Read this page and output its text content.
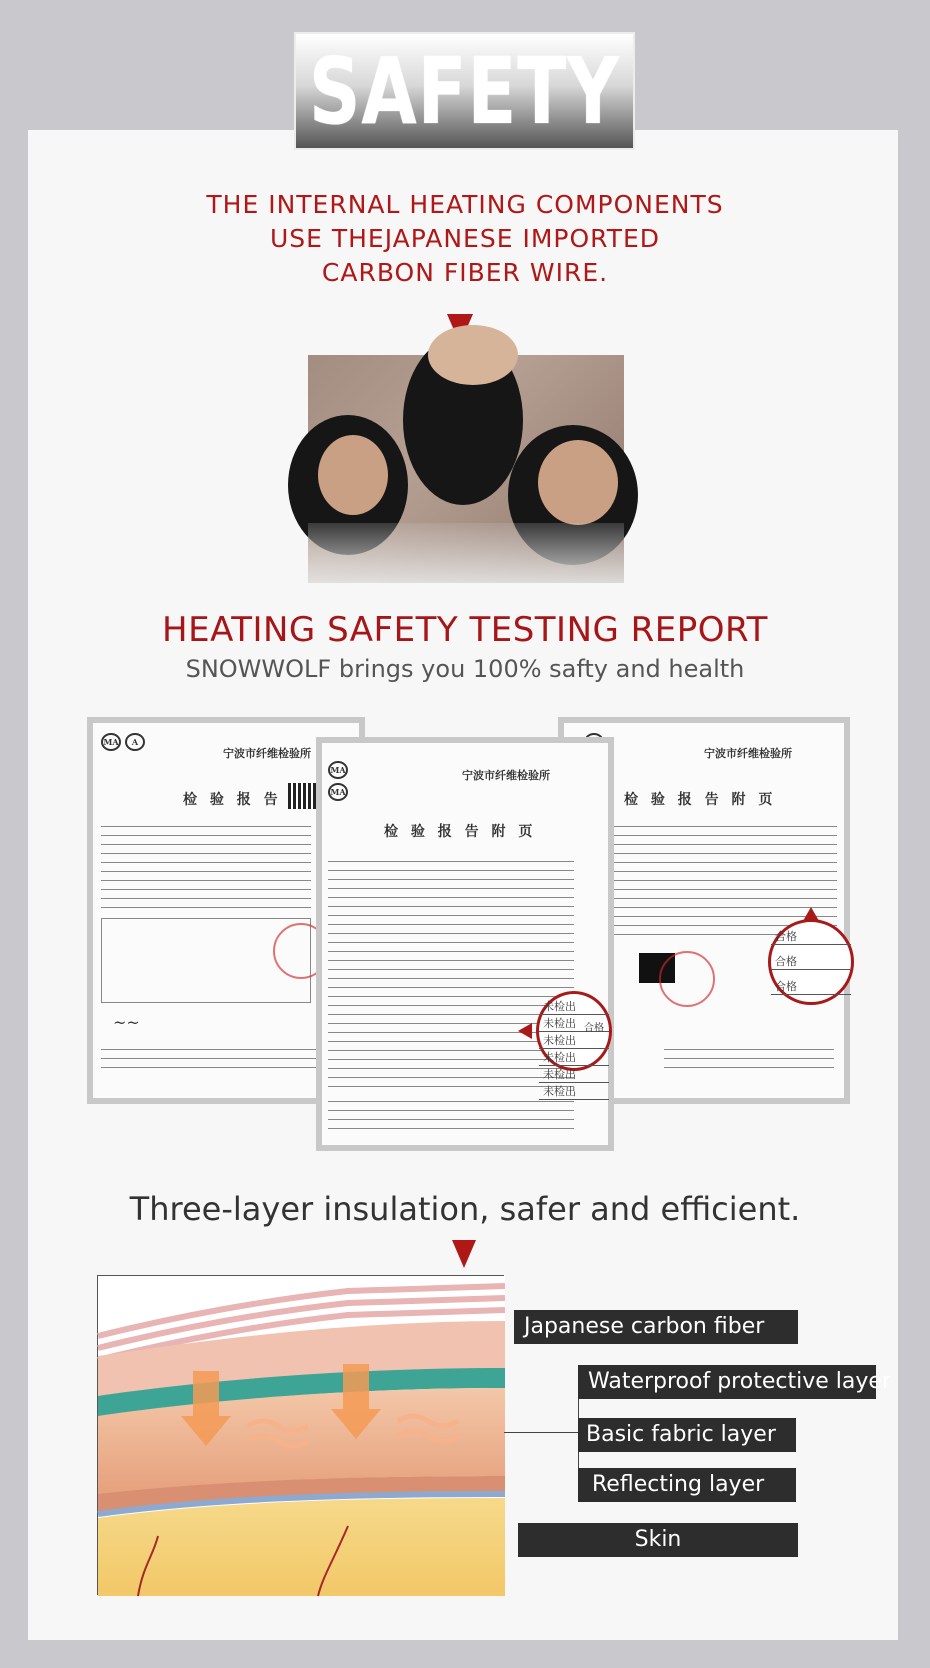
SAFETY
THE INTERNAL HEATING COMPONENTS
USE THEJAPANESE IMPORTED
CARBON FIBER WIRE.
HEATING SAFETY TESTING REPORT
SNOWWOLF brings you 100% safty and health
MA	A
宁波市纤维检验所
检 验 报 告
~~
宁波市纤维检验所
检 验 报 告 附 页
合格
合格
合格
MA
MA
宁波市纤维检验所
检 验 报 告 附 页
未检出
未检出
未检出
未检出
未检出
未检出
合格
Three-layer insulation, safer and efficient.
Japanese carbon fiber
Waterproof protective layer
Basic fabric layer
Reflecting layer
Skin
